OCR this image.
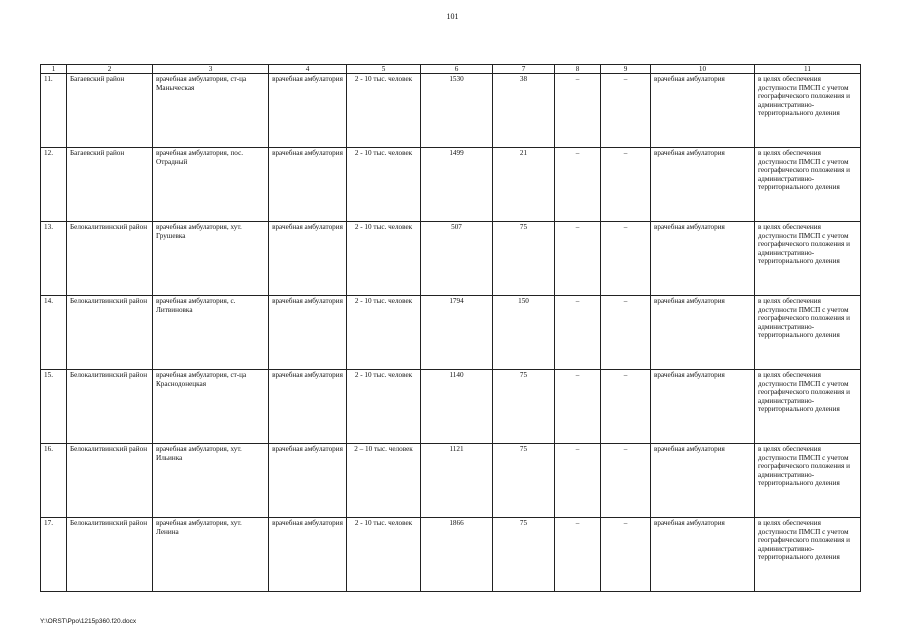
101
1	2	3	4	5	6	7	8	9	10	11
11.	Багаевский район	врачебная амбулатория, ст-ца Маныческая	врачебная амбулатория	2 - 10 тыс. человек	1530	38	–	–	врачебная амбулатория	в целях обеспечения доступности ПМСП с учетом географического положения и административно-территориального деления
12.	Багаевский район	врачебная амбулатория, пос. Отрадный	врачебная амбулатория	2 - 10 тыс. человек	1499	21	–	–	врачебная амбулатория	в целях обеспечения доступности ПМСП с учетом географического положения и административно-территориального деления
13.	Белокалитвинский район	врачебная амбулатория, хут. Грушевка	врачебная амбулатория	2 - 10 тыс. человек	507	75	–	–	врачебная амбулатория	в целях обеспечения доступности ПМСП с учетом географического положения и административно-территориального деления
14.	Белокалитвинский район	врачебная амбулатория, с. Литвиновка	врачебная амбулатория	2 - 10 тыс. человек	1794	150	–	–	врачебная амбулатория	в целях обеспечения доступности ПМСП с учетом географического положения и административно-территориального деления
15.	Белокалитвинский район	врачебная амбулатория, ст-ца Краснодонецкая	врачебная амбулатория	2 - 10 тыс. человек	1140	75	–	–	врачебная амбулатория	в целях обеспечения доступности ПМСП с учетом географического положения и административно-территориального деления
16.	Белокалитвинский район	врачебная амбулатория, хут. Ильинка	врачебная амбулатория	2 – 10 тыс. человек	1121	75	–	–	врачебная амбулатория	в целях обеспечения доступности ПМСП с учетом географического положения и административно-территориального деления
17.	Белокалитвинский район	врачебная амбулатория, хут. Ленина	врачебная амбулатория	2 - 10 тыс. человек	1866	75	–	–	врачебная амбулатория	в целях обеспечения доступности ПМСП с учетом географического положения и административно-территориального деления
Y:\ORST\Ppo\1215p360.f20.docx
